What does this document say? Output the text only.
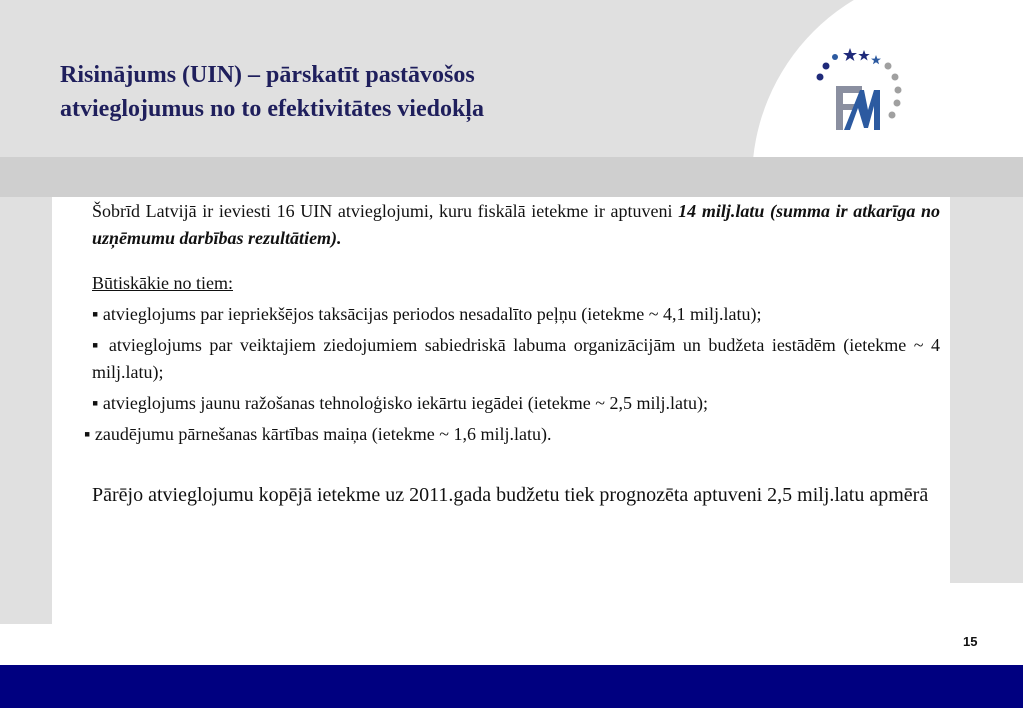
Risinājums (UIN) – pārskatīt pastāvošos
atvieglojumus no to efektivitātes viedokļa

Šobrīd Latvijā ir ieviesti 16 UIN atvieglojumi, kuru fiskālā ietekme ir aptuveni 14 milj.latu (summa ir atkarīga no uzņēmumu darbības rezultātiem).

Būtiskākie no tiem:

▪ atvieglojums par iepriekšējos taksācijas periodos nesadalīto peļņu (ietekme ~ 4,1 milj.latu);

▪ atvieglojums par veiktajiem ziedojumiem sabiedriskā labuma organizācijām un budžeta iestādēm (ietekme ~ 4 milj.latu);

▪ atvieglojums jaunu ražošanas tehnoloģisko iekārtu iegādei (ietekme ~ 2,5 milj.latu);

▪ zaudējumu pārnešanas kārtības maiņa (ietekme ~ 1,6 milj.latu).

Pārējo atvieglojumu kopējā ietekme uz 2011.gada budžetu tiek prognozēta aptuveni 2,5 milj.latu apmērā

15
